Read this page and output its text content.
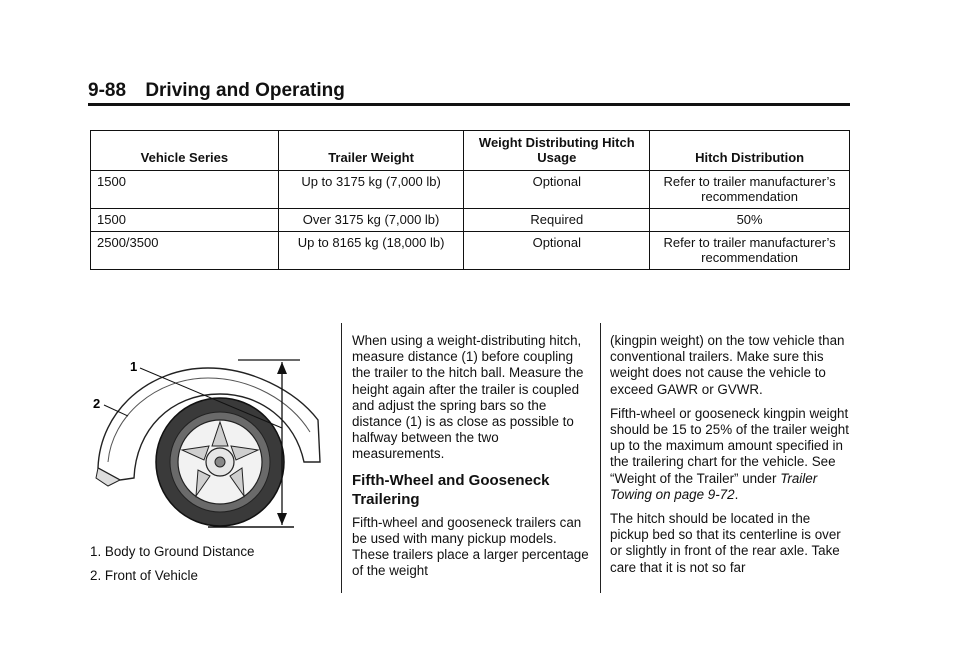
9-88 Driving and Operating
Vehicle Series	Trailer Weight	Weight Distributing Hitch Usage	Hitch Distribution
1500	Up to 3175 kg (7,000 lb)	Optional	Refer to trailer manufacturer’s recommendation
1500	Over 3175 kg (7,000 lb)	Required	50%
2500/3500	Up to 8165 kg (18,000 lb)	Optional	Refer to trailer manufacturer’s recommendation
1
2

1. Body to Ground Distance

2. Front of Vehicle

When using a weight-distributing hitch, measure distance (1) before coupling the trailer to the hitch ball. Measure the height again after the trailer is coupled and adjust the spring bars so the distance (1) is as close as possible to halfway between the two measurements.

Fifth-Wheel and Gooseneck Trailering

Fifth-wheel and gooseneck trailers can be used with many pickup models. These trailers place a larger percentage of the weight

(kingpin weight) on the tow vehicle than conventional trailers. Make sure this weight does not cause the vehicle to exceed GAWR or GVWR.

Fifth-wheel or gooseneck kingpin weight should be 15 to 25% of the trailer weight up to the maximum amount specified in the trailering chart for the vehicle. See “Weight of the Trailer” under Trailer Towing on page 9-72.

The hitch should be located in the pickup bed so that its centerline is over or slightly in front of the rear axle. Take care that it is not so far
